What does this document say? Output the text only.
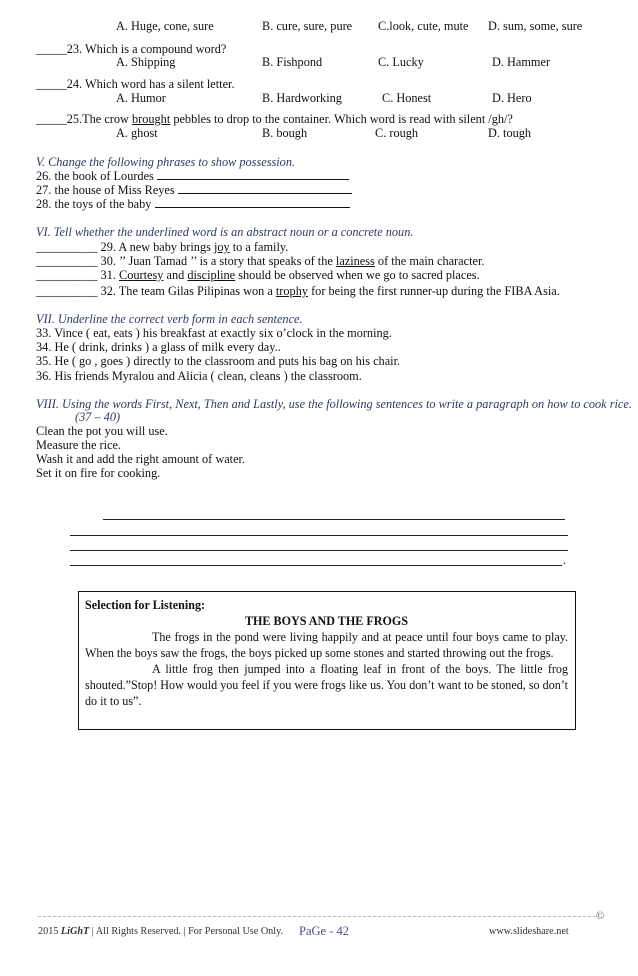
A. Huge, cone, sure	B. cure, sure, pure C.look, cute, mute D. sum, some, sure
_____23. Which is a compound word?
A. Shipping	B. Fishpond	C. Lucky	D. Hammer
_____24. Which word has a silent letter.
A. Humor	B. Hardworking	C. Honest	D. Hero
_____25.The crow brought pebbles to drop to the container. Which word is read with silent /gh/?
A. ghost	B. bough	C. rough	D. tough
V. Change the following phrases to show possession.
26. the book of Lourdes
27. the house of Miss Reyes
28. the toys of the baby
VI. Tell whether the underlined word is an abstract noun or a concrete noun.
__________ 29. A new baby brings joy to a family.
__________ 30. ’’ Juan Tamad ’’ is a story that speaks of the laziness of the main character.
__________ 31. Courtesy and discipline should be observed when we go to sacred places.
__________ 32. The team Gilas Pilipinas won a trophy for being the first runner-up during the FIBA Asia.
VII. Underline the correct verb form in each sentence.
33. Vince ( eat, eats ) his breakfast at exactly six o’clock in the morning.
34. He ( drink, drinks ) a glass of milk every day..
35. He ( go , goes ) directly to the classroom and puts his bag on his chair.
36. His friends Myralou and Alicia ( clean, cleans ) the classroom.
VIII. Using the words First, Next, Then and Lastly, use the following sentences to write a paragraph on how to cook rice.
(37 – 40)
Clean the pot you will use.
Measure the rice.
Wash it and add the right amount of water.
Set it on fire for cooking.
.
Selection for Listening:
THE BOYS AND THE FROGS
The frogs in the pond were living happily and at peace until four boys came to play. When the boys saw the frogs, the boys picked up some stones and started throwing out the frogs.
A little frog then jumped into a floating leaf in front of the boys. The little frog shouted.”Stop! How would you feel if you were frogs like us. You don’t want to be stoned, so don’t do it to us”.
©
2015 LiGhT | All Rights Reserved. | For Personal Use Only. PaGe - 42	www.slideshare.net
